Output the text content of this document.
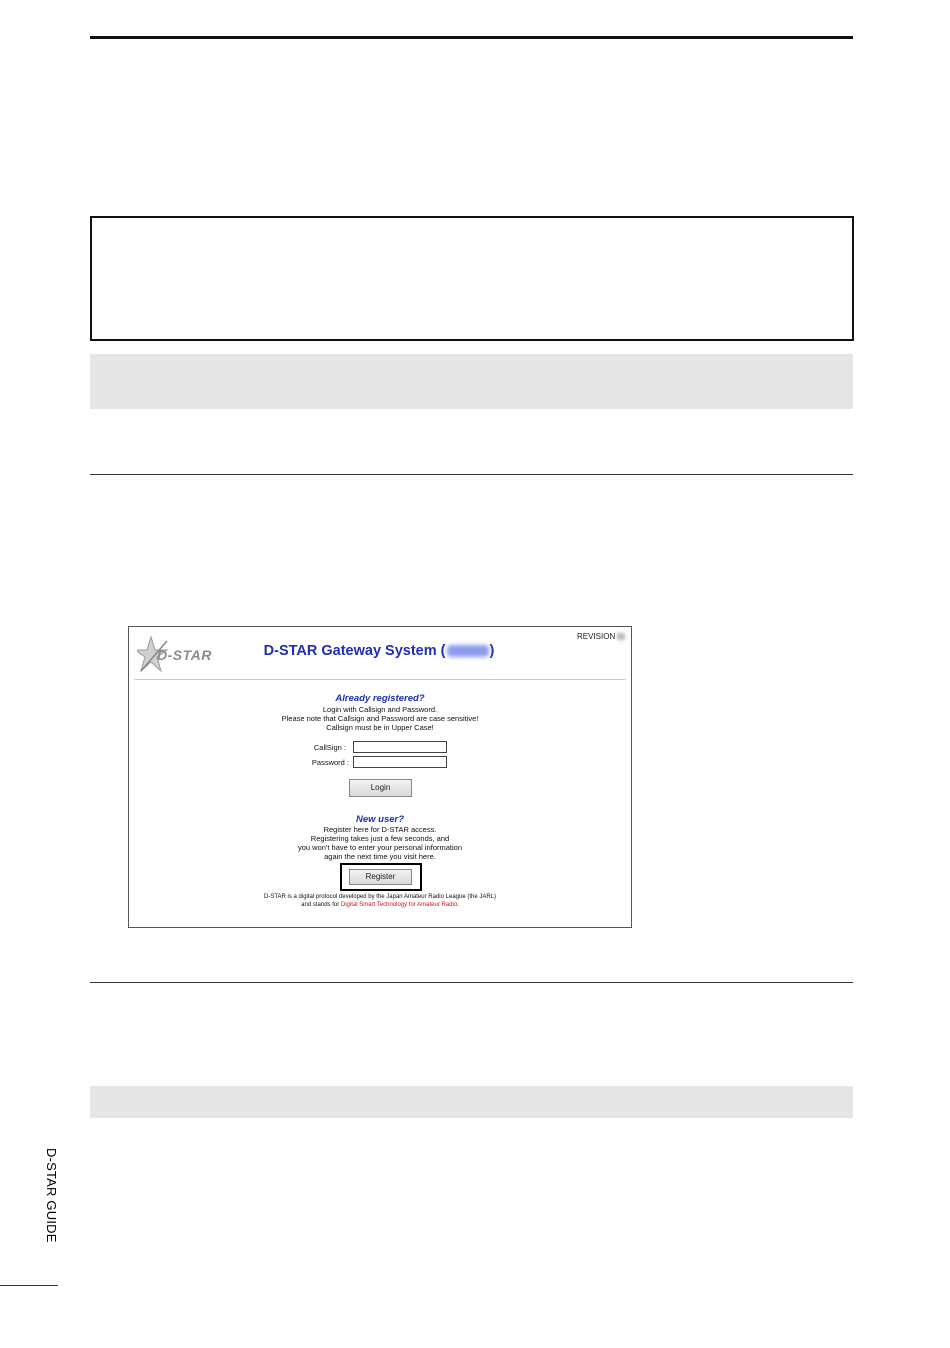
D-STAR	D-STAR Gateway System (	)
REVISION
Already registered?
Login with Callsign and Password.
Please note that Callsign and Password are case sensitive!
Callsign must be in Upper Case!
CallSign :
Password :
Login
New user?
Register here for D-STAR access.
Registering takes just a few seconds, and
you won't have to enter your personal information
again the next time you visit here.
Register
D-STAR is a digital protocol developed by the Japan Amateur Radio League (the JARL)
and stands for Digital Smart Technology for Amateur Radio.
D-STAR GUIDE
